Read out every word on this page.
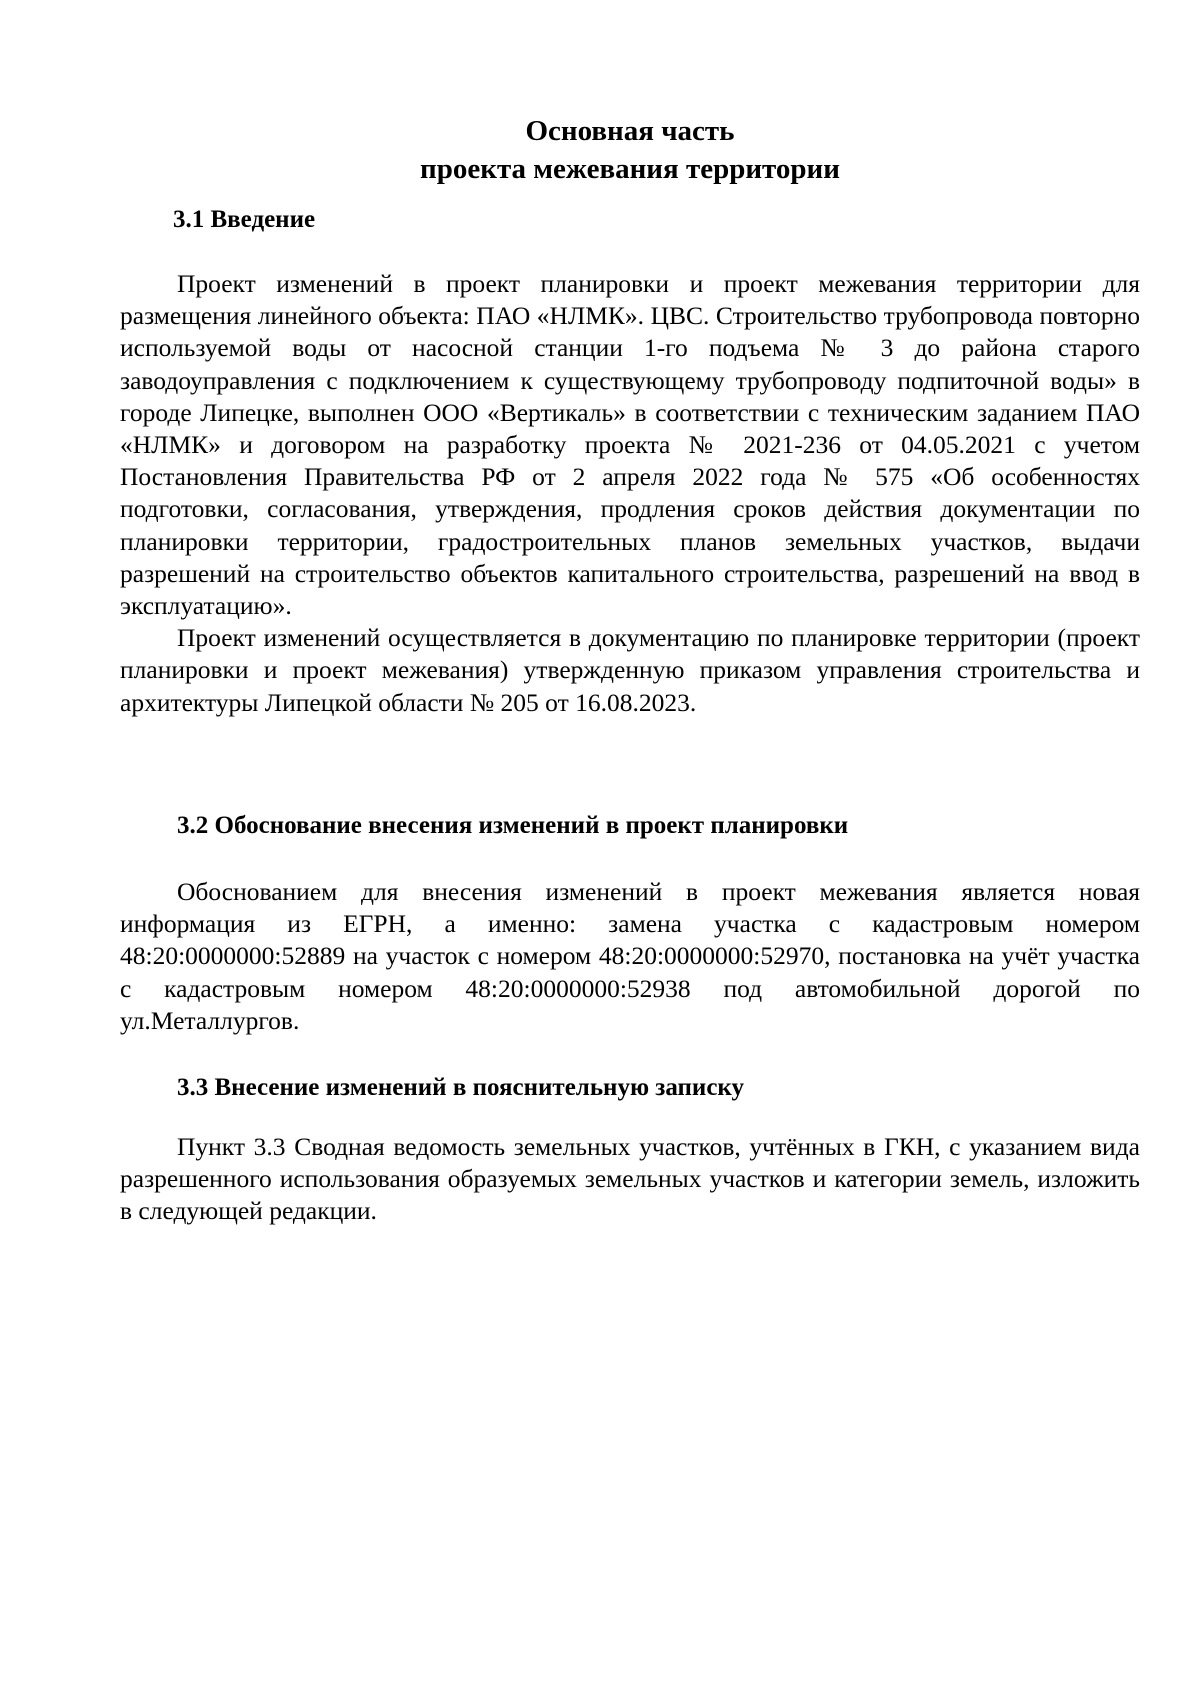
Основная часть
проекта межевания территории
3.1 Введение

Проект изменений в проект планировки и проект межевания территории для размещения линейного объекта: ПАО «НЛМК». ЦВС. Строительство трубопровода повторно используемой воды от насосной станции 1-го подъема № 3 до района старого заводоуправления с подключением к существующему трубопроводу подпиточной воды» в городе Липецке, выполнен ООО «Вертикаль» в соответствии с техническим заданием ПАО «НЛМК» и договором на разработку проекта № 2021-236 от 04.05.2021 с учетом Постановления Правительства РФ от 2 апреля 2022 года № 575 «Об особенностях подготовки, согласования, утверждения, продления сроков действия документации по планировки территории, градостроительных планов земельных участков, выдачи разрешений на строительство объектов капитального строительства, разрешений на ввод в эксплуатацию».

Проект изменений осуществляется в документацию по планировке территории (проект планировки и проект межевания) утвержденную приказом управления строительства и архитектуры Липецкой области № 205 от 16.08.2023.

3.2 Обоснование внесения изменений в проект планировки

Обоснованием для внесения изменений в проект межевания является новая информация из ЕГРН, а именно: замена участка с кадастровым номером 48:20:0000000:52889 на участок с номером 48:20:0000000:52970, постановка на учёт участка с кадастровым номером 48:20:0000000:52938 под автомобильной дорогой по ул.Металлургов.

3.3 Внесение изменений в пояснительную записку

Пункт 3.3 Сводная ведомость земельных участков, учтённых в ГКН, с указанием вида разрешенного использования образуемых земельных участков и категории земель, изложить в следующей редакции.
